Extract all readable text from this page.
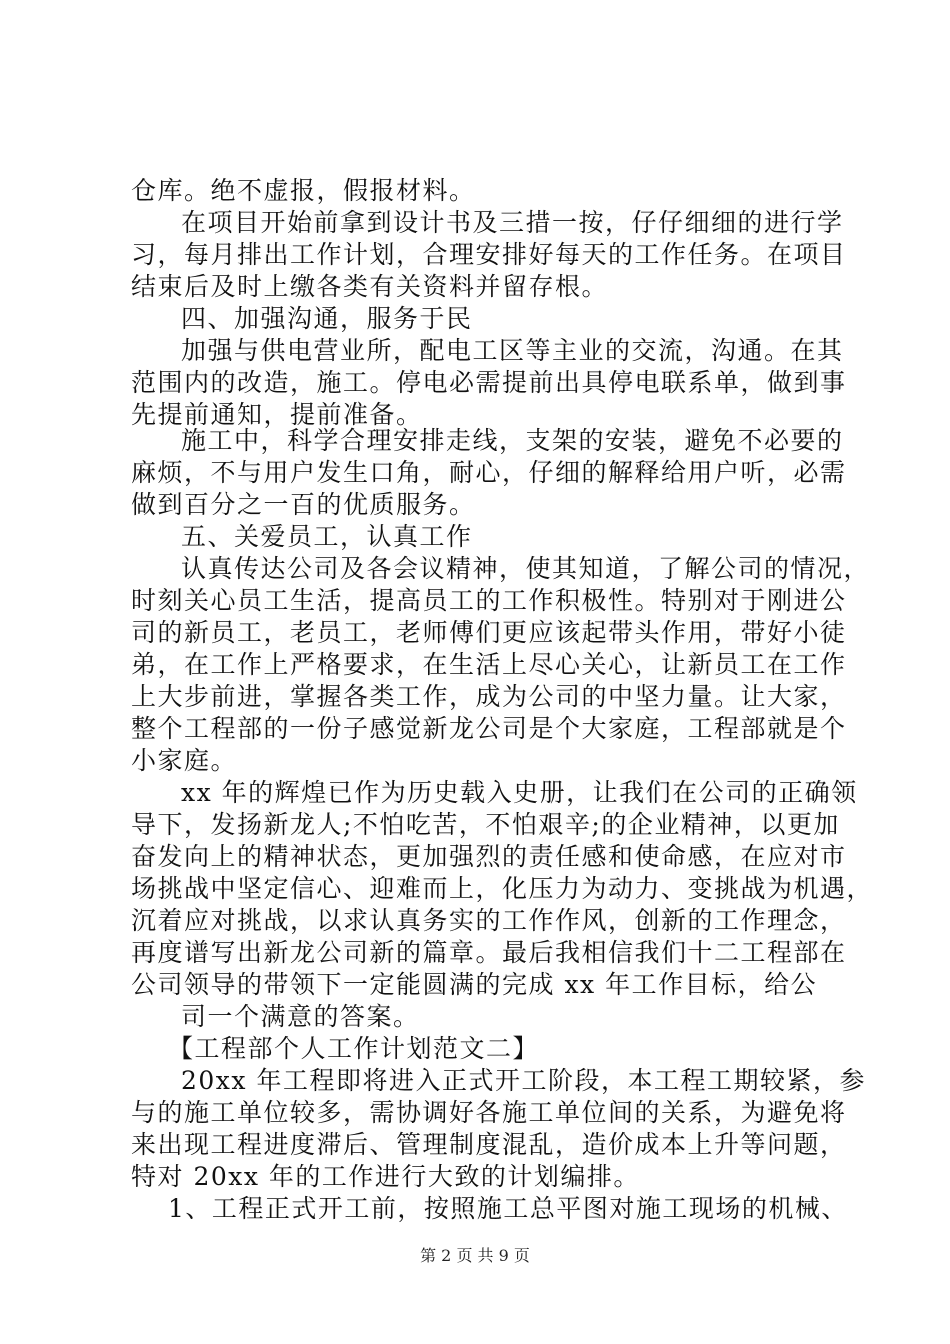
仓库。绝不虚报，假报材料。
在项目开始前拿到设计书及三措一按，仔仔细细的进行学
习，每月排出工作计划，合理安排好每天的工作任务。在项目
结束后及时上缴各类有关资料并留存根。
四、加强沟通，服务于民
加强与供电营业所，配电工区等主业的交流，沟通。在其
范围内的改造，施工。停电必需提前出具停电联系单，做到事
先提前通知，提前准备。
施工中，科学合理安排走线，支架的安装，避免不必要的
麻烦，不与用户发生口角，耐心，仔细的解释给用户听，必需
做到百分之一百的优质服务。
五、关爱员工，认真工作
认真传达公司及各会议精神，使其知道，了解公司的情况，
时刻关心员工生活，提高员工的工作积极性。特别对于刚进公
司的新员工，老员工，老师傅们更应该起带头作用，带好小徒
弟，在工作上严格要求，在生活上尽心关心，让新员工在工作
上大步前进，掌握各类工作，成为公司的中坚力量。让大家，
整个工程部的一份子感觉新龙公司是个大家庭，工程部就是个
小家庭。
xx 年的辉煌已作为历史载入史册，让我们在公司的正确领
导下，发扬新龙人;不怕吃苦，不怕艰辛;的企业精神，以更加
奋发向上的精神状态，更加强烈的责任感和使命感，在应对市
场挑战中坚定信心、迎难而上，化压力为动力、变挑战为机遇，
沉着应对挑战，以求认真务实的工作作风，创新的工作理念，
再度谱写出新龙公司新的篇章。最后我相信我们十二工程部在
公司领导的带领下一定能圆满的完成 xx 年工作目标，给公
司一个满意的答案。
【工程部个人工作计划范文二】
20xx 年工程即将进入正式开工阶段，本工程工期较紧，参
与的施工单位较多，需协调好各施工单位间的关系，为避免将
来出现工程进度滞后、管理制度混乱，造价成本上升等问题，
特对 20xx 年的工作进行大致的计划编排。
1、工程正式开工前，按照施工总平图对施工现场的机械、
第 2 页 共 9 页
